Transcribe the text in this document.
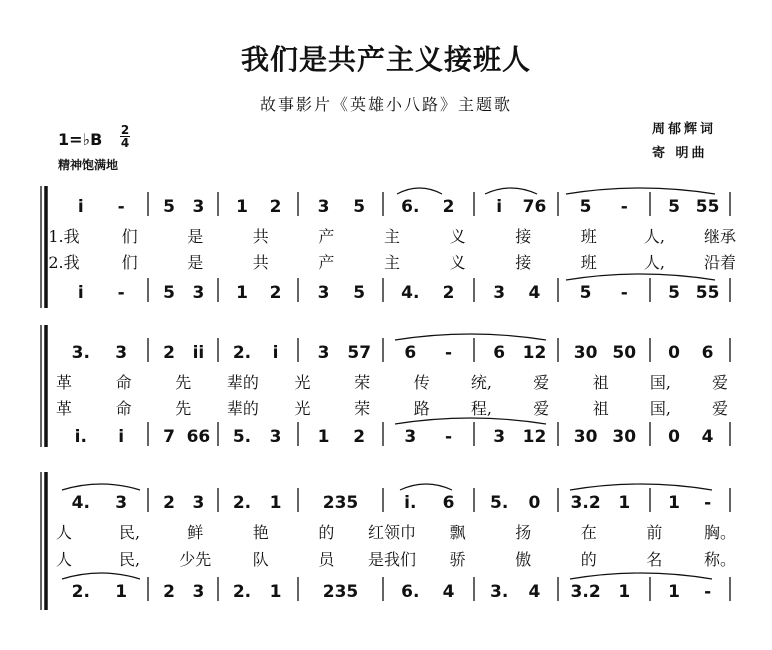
我们是共产主义接班人
故事影片《英雄小八路》主题歌
周郁辉词
寄 明曲
1=♭B 2
4
精神饱满地
i - 5 3 1 2 3 5 6. 2 i 76 5 - 5 55
1.我	们	是	共	产	主	义	接	班	人, 继承
2.我	们	是	共	产	主	义	接	班	人, 沿着
i - 5 3 1 2 3 5 4. 2 3 4 5 - 5 55
3. 3 2 ii 2. i 3 57 6 - 6 12 30 50 0 6
革	命	先 辈的 光	荣	传	统,	爱	祖	国,	爱
革	命	先 辈的 光	荣	路	程,	爱	祖	国,	爱
i. i 7 66 5. 3 1 2 3 - 3 12 30 30 0 4
4. 3 2 3 2. 1 235	i. 6 5. 0 3.2 1 1 -
人	民,	鲜	艳	的 红领巾 飘	扬	在	前	胸。
人	民, 少先	队	员 是我们 骄	傲	的	名	称。
2. 1 2 3 2. 1 235	6. 4 3. 4 3.2 1 1 -
